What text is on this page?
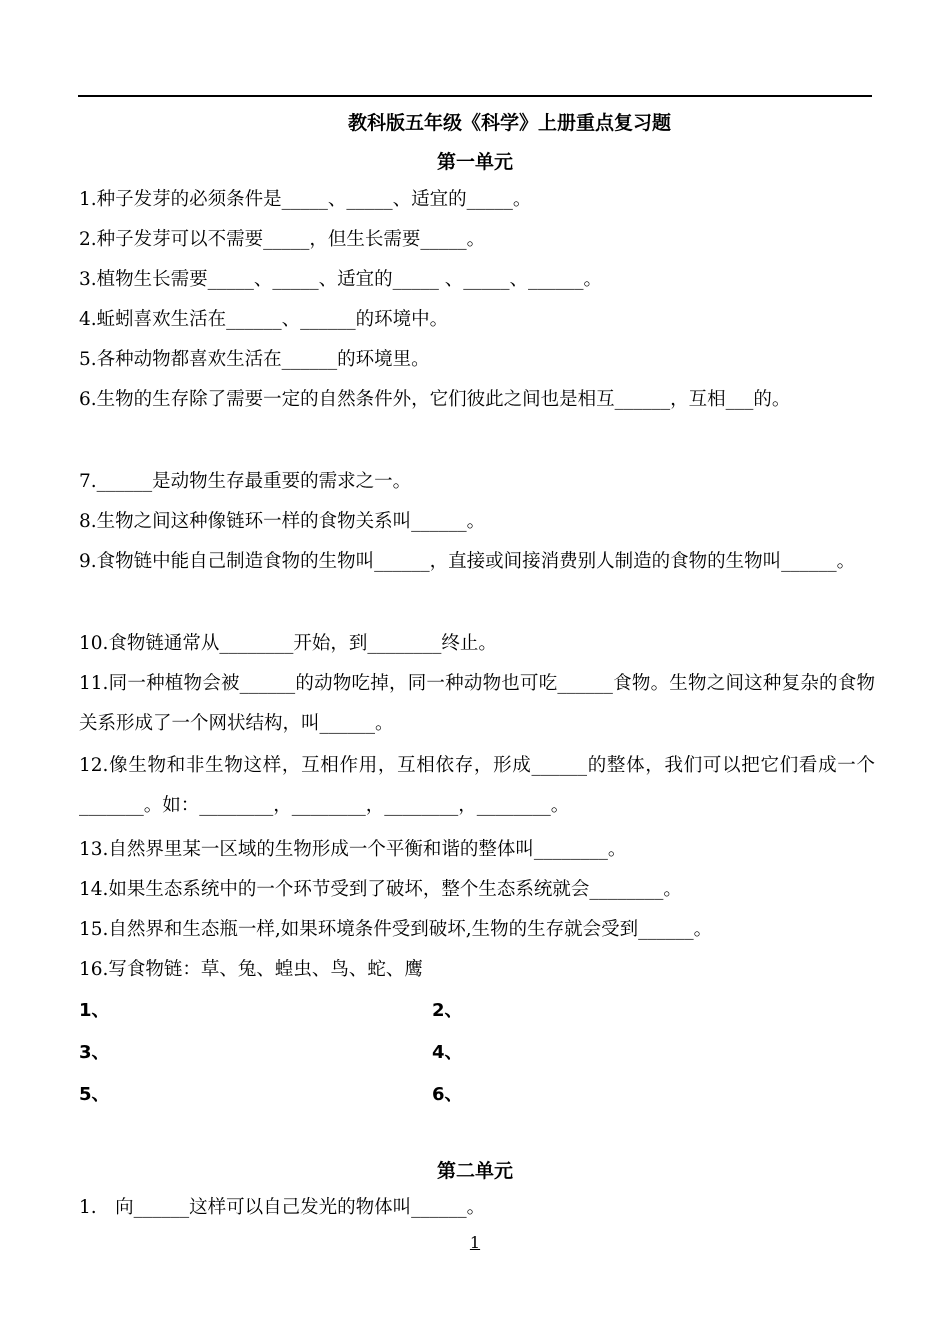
教科版五年级《科学》上册重点复习题
第一单元
1.种子发芽的必须条件是_____、_____、适宜的_____。
2.种子发芽可以不需要_____，但生长需要_____。
3.植物生长需要_____、_____、适宜的_____ 、_____、______。
4.蚯蚓喜欢生活在______、______的环境中。
5.各种动物都喜欢生活在______的环境里。
6.生物的生存除了需要一定的自然条件外，它们彼此之间也是相互______，互相___的。
7.______是动物生存最重要的需求之一。
8.生物之间这种像链环一样的食物关系叫______。
9.食物链中能自己制造食物的生物叫______，直接或间接消费别人制造的食物的生物叫______。
10.食物链通常从________开始，到________终止。
11.同一种植物会被______的动物吃掉，同一种动物也可吃______食物。生物之间这种复杂的食物关系形成了一个网状结构，叫______。
12.像生物和非生物这样，互相作用，互相依存，形成______的整体，我们可以把它们看成一个_______。如：________，________，________，________。
13.自然界里某一区域的生物形成一个平衡和谐的整体叫________。
14.如果生态系统中的一个环节受到了破坏，整个生态系统就会________。
15.自然界和生态瓶一样,如果环境条件受到破坏,生物的生存就会受到______。
16.写食物链：草、兔、蝗虫、鸟、蛇、鹰
1、	2、
3、	4、
5、	6、
第二单元
1.　向______这样可以自己发光的物体叫______。
1
